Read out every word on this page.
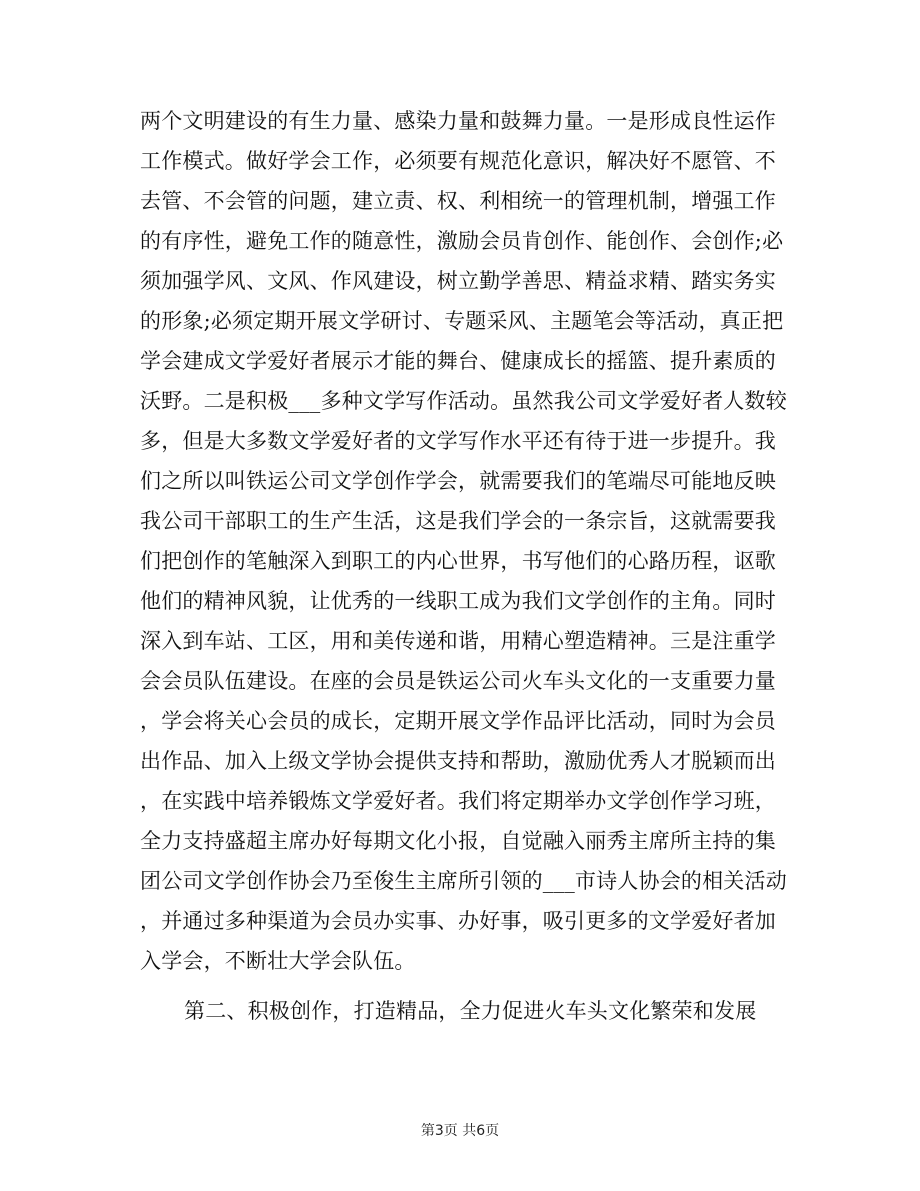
两个文明建设的有生力量、感染力量和鼓舞力量。一是形成良性运作
工作模式。做好学会工作，必须要有规范化意识，解决好不愿管、不
去管、不会管的问题，建立责、权、利相统一的管理机制，增强工作
的有序性，避免工作的随意性，激励会员肯创作、能创作、会创作;必
须加强学风、文风、作风建设，树立勤学善思、精益求精、踏实务实
的形象;必须定期开展文学研讨、专题采风、主题笔会等活动，真正把
学会建成文学爱好者展示才能的舞台、健康成长的摇篮、提升素质的
沃野。二是积极___多种文学写作活动。虽然我公司文学爱好者人数较
多，但是大多数文学爱好者的文学写作水平还有待于进一步提升。我
们之所以叫铁运公司文学创作学会，就需要我们的笔端尽可能地反映
我公司干部职工的生产生活，这是我们学会的一条宗旨，这就需要我
们把创作的笔触深入到职工的内心世界，书写他们的心路历程，讴歌
他们的精神风貌，让优秀的一线职工成为我们文学创作的主角。同时
深入到车站、工区，用和美传递和谐，用精心塑造精神。三是注重学
会会员队伍建设。在座的会员是铁运公司火车头文化的一支重要力量
，学会将关心会员的成长，定期开展文学作品评比活动，同时为会员
出作品、加入上级文学协会提供支持和帮助，激励优秀人才脱颖而出
，在实践中培养锻炼文学爱好者。我们将定期举办文学创作学习班，
全力支持盛超主席办好每期文化小报，自觉融入丽秀主席所主持的集
团公司文学创作协会乃至俊生主席所引领的___市诗人协会的相关活动
，并通过多种渠道为会员办实事、办好事，吸引更多的文学爱好者加
入学会，不断壮大学会队伍。
第二、积极创作，打造精品，全力促进火车头文化繁荣和发展
第3页 共6页
